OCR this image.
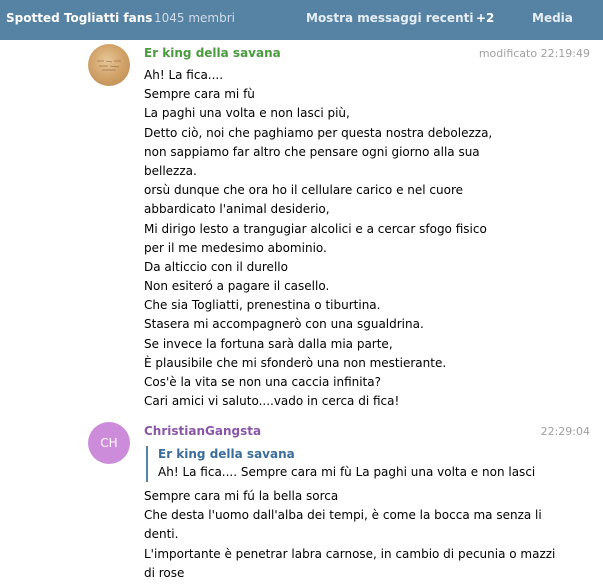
Spotted Togliatti fans 1045 membri	Mostra messaggi recenti +2	Media
Er king della savana	modificato 22:19:49
Ah! La fica....
Sempre cara mi fù
La paghi una volta e non lasci più,
Detto ciò, noi che paghiamo per questa nostra debolezza,
non sappiamo far altro che pensare ogni giorno alla sua
bellezza.
orsù dunque che ora ho il cellulare carico e nel cuore
abbardicato l'animal desiderio,
Mi dirigo lesto a trangugiar alcolici e a cercar sfogo fisico
per il me medesimo abominio.
Da alticcio con il durello
Non esiteró a pagare il casello.
Che sia Togliatti, prenestina o tiburtina.
Stasera mi accompagnerò con una sgualdrina.
Se invece la fortuna sarà dalla mia parte,
È plausibile che mi sfonderò una non mestierante.
Cos'è la vita se non una caccia infinita?
Cari amici vi saluto....vado in cerca di fica!
CH
ChristianGangsta	22:29:04
Er king della savana
Ah! La fica.... Sempre cara mi fù La paghi una volta e non lasci
Sempre cara mi fú la bella sorca
Che desta l'uomo dall'alba dei tempi, è come la bocca ma senza li
denti.
L'importante è penetrar labra carnose, in cambio di pecunia o mazzi
di rose
